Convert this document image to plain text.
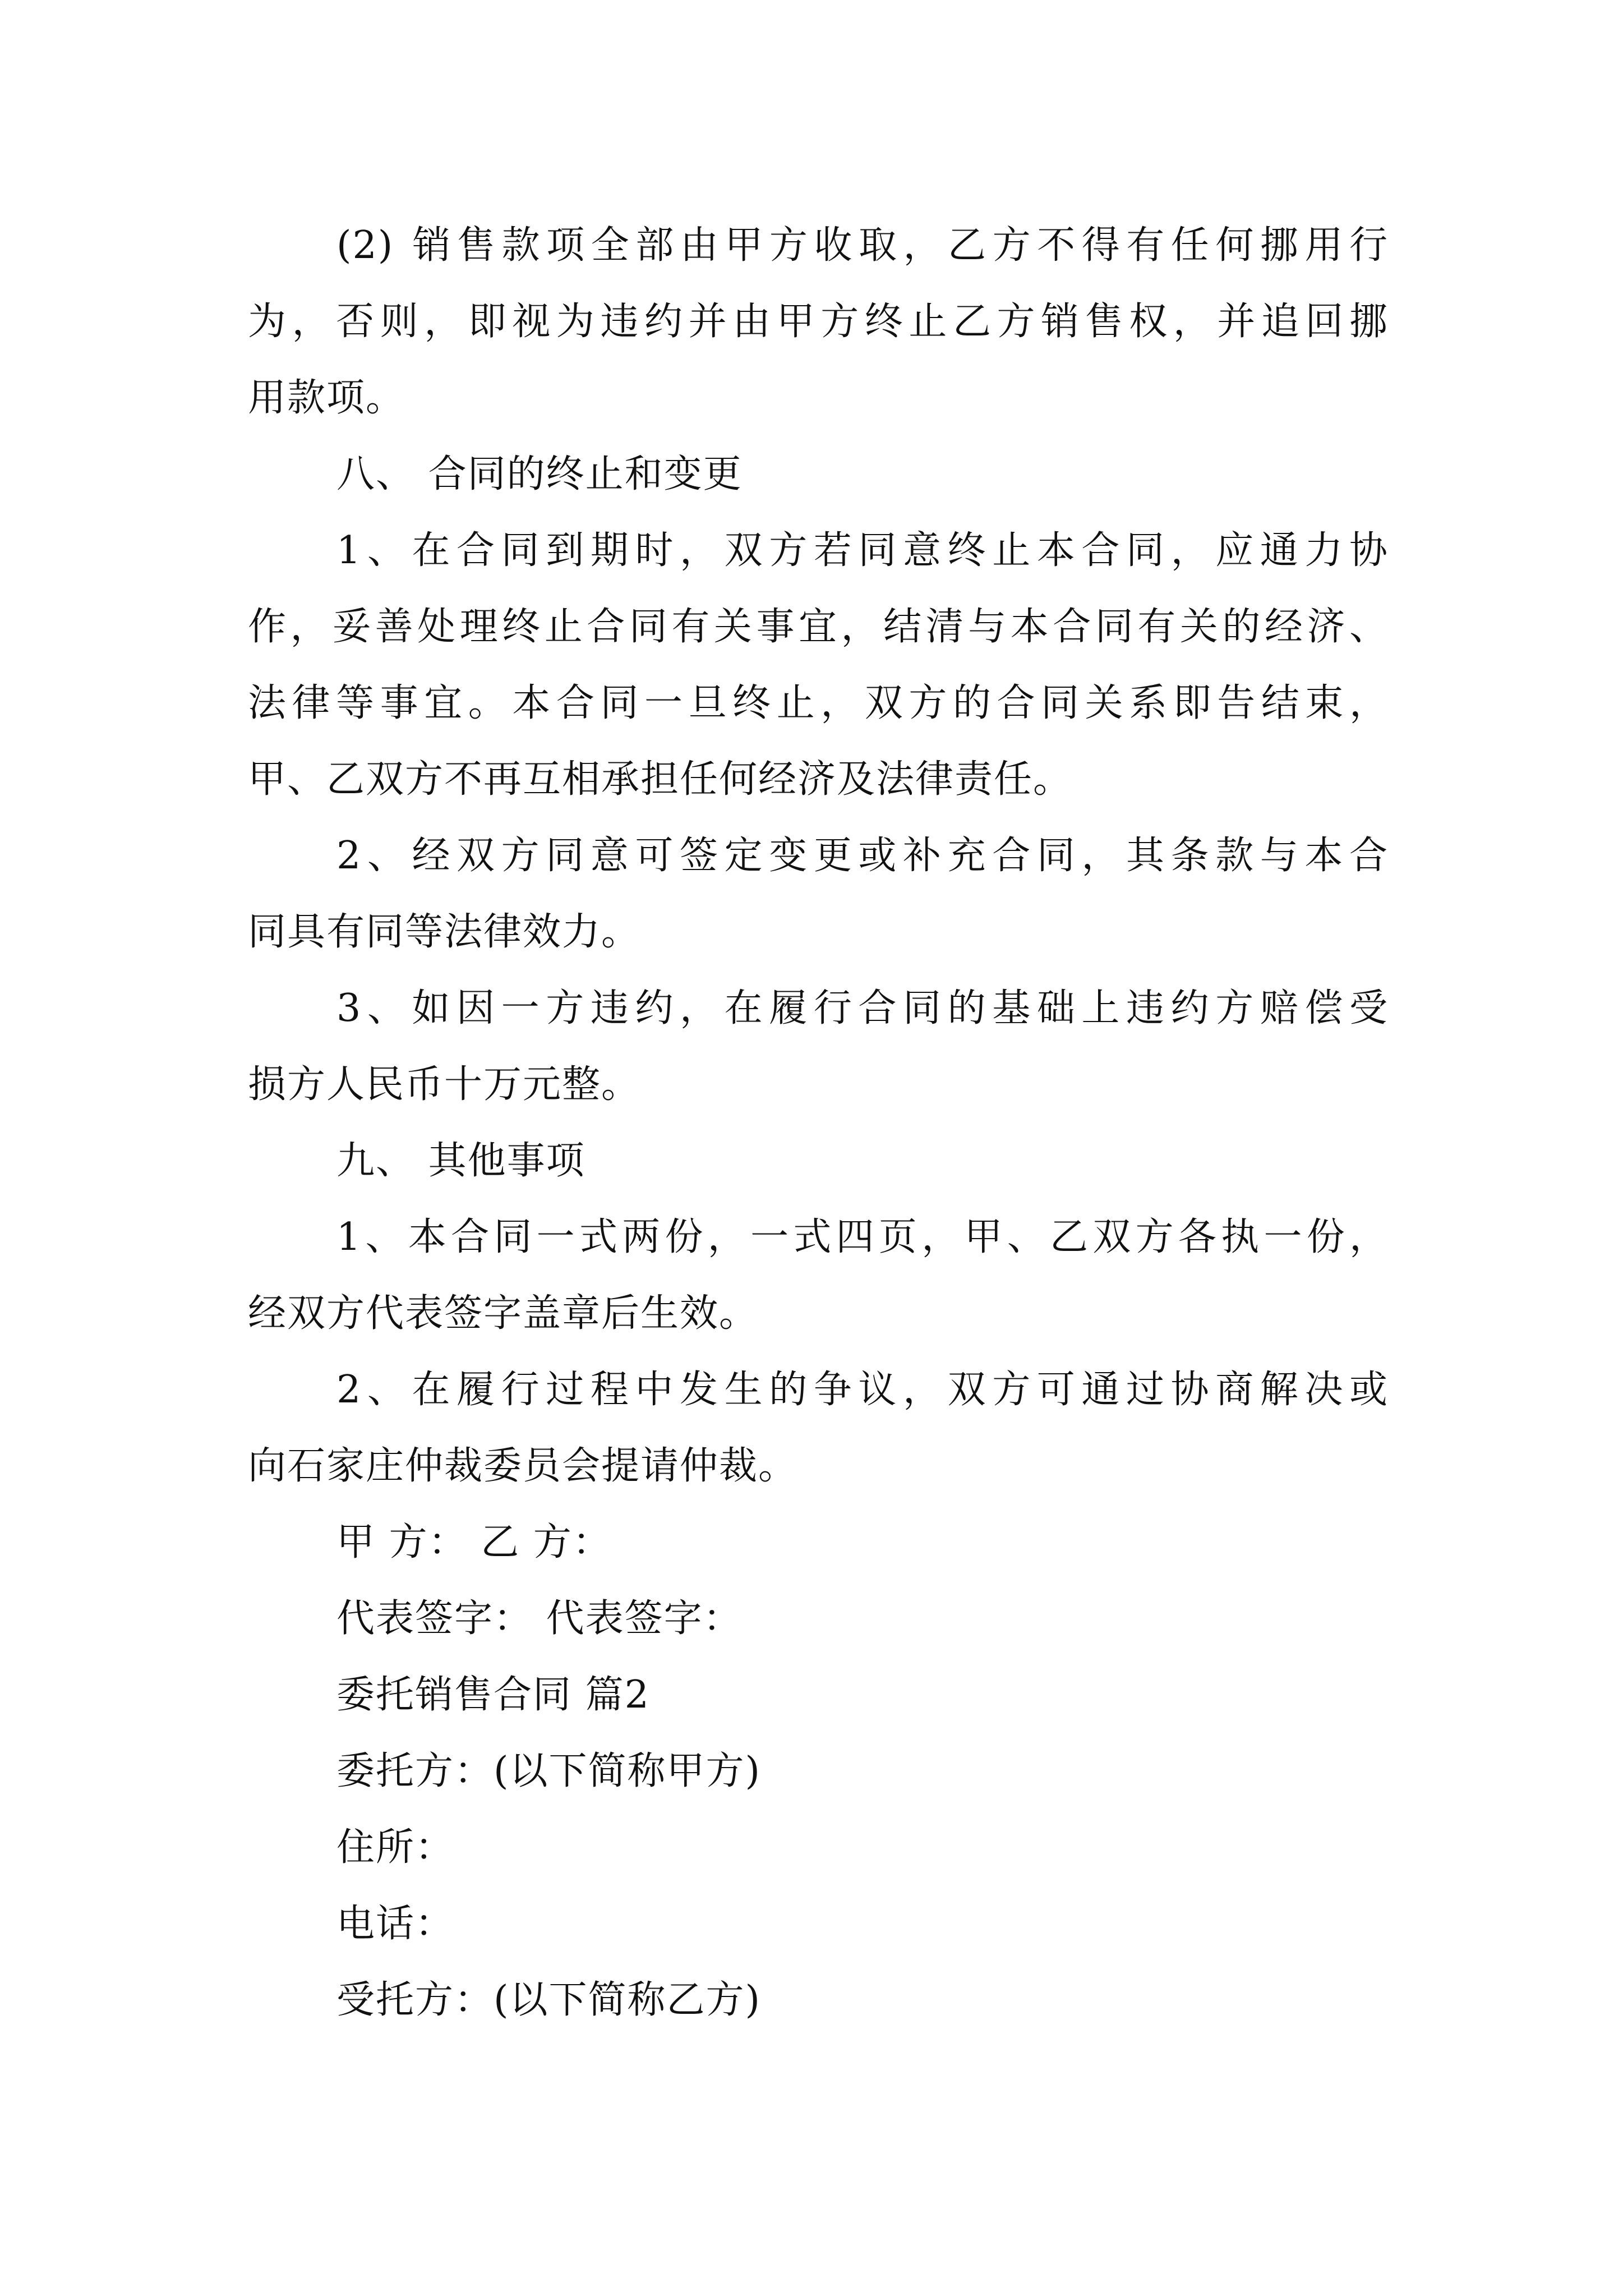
(2) 销售款项全部由甲方收取，乙方不得有任何挪用行
为，否则，即视为违约并由甲方终止乙方销售权，并追回挪
用款项。
八、 合同的终止和变更
1、在合同到期时，双方若同意终止本合同，应通力协
作，妥善处理终止合同有关事宜，结清与本合同有关的经济、
法律等事宜。本合同一旦终止，双方的合同关系即告结束，
甲、乙双方不再互相承担任何经济及法律责任。
2、经双方同意可签定变更或补充合同，其条款与本合
同具有同等法律效力。
3、如因一方违约，在履行合同的基础上违约方赔偿受
损方人民币十万元整。
九、 其他事项
1、本合同一式两份，一式四页，甲、乙双方各执一份，
经双方代表签字盖章后生效。
2、在履行过程中发生的争议，双方可通过协商解决或
向石家庄仲裁委员会提请仲裁。
甲 方： 乙 方：
代表签字： 代表签字：
委托销售合同 篇2
委托方：(以下简称甲方)
住所：
电话：
受托方：(以下简称乙方)
